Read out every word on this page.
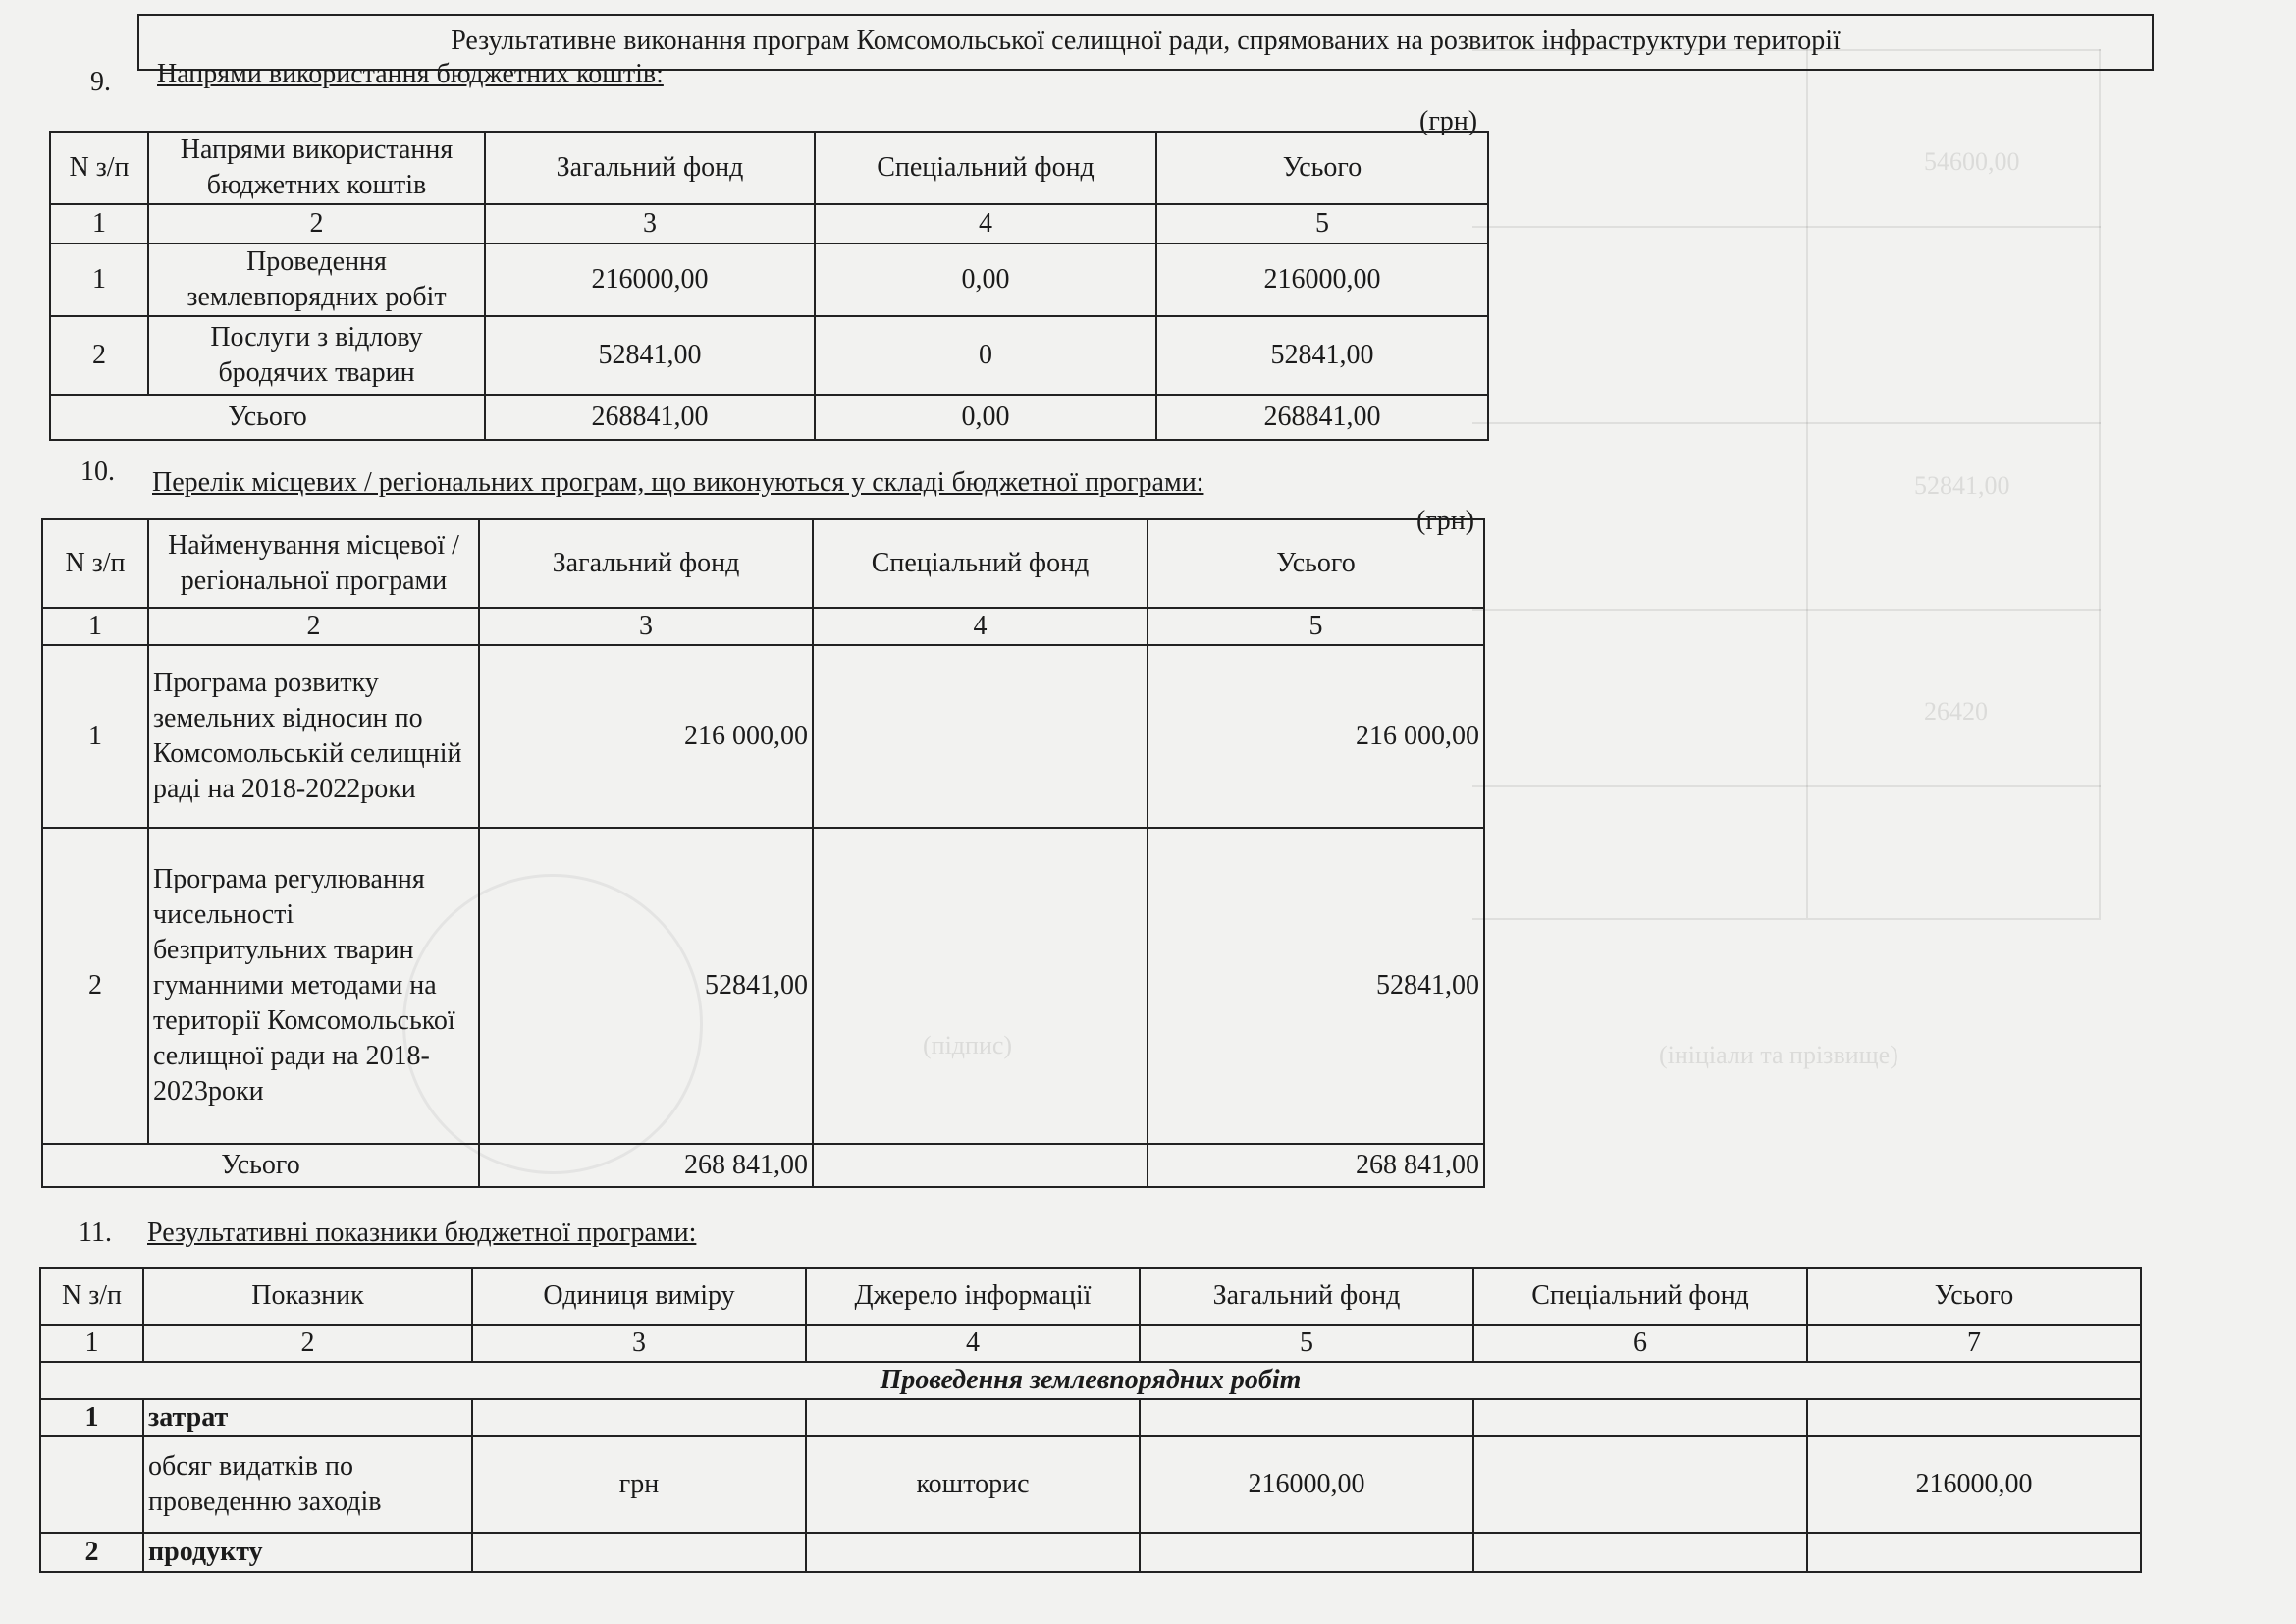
54600,00
52841,00
26420
(підпис)	(ініціали та прізвище)
Результативне виконання програм Комсомольської селищної ради, спрямованих на розвиток інфраструктури території
9. Напрями використання бюджетних коштів:
(грн)
N з/п	Напрями використання бюджетних коштів	Загальний фонд	Спеціальний фонд	Усього
1	2	3	4	5
1	Проведення землевпорядних робіт	216000,00	0,00	216000,00
2	Послуги з відлову бродячих тварин	52841,00	0	52841,00
Усього		268841,00	0,00	268841,00
10. Перелік місцевих / регіональних програм, що виконуються у складі бюджетної програми:
(грн)
N з/п	Найменування місцевої / регіональної програми	Загальний фонд	Спеціальний фонд	Усього
1	2	3	4	5
1	Програма розвитку земельних відносин по Комсомольській селищній раді на 2018-2022роки	216 000,00		216 000,00
2	Програма регулювання чисельності безпритульних тварин гуманними методами на території Комсомольської селищної ради на 2018-2023роки	52841,00		52841,00
Усього		268 841,00		268 841,00
11. Результативні показники бюджетної програми:
N з/п	Показник	Одиниця виміру	Джерело інформації	Загальний фонд	Спеціальний фонд	Усього
1	2	3	4	5	6	7
Проведення землевпорядних робіт						
1	затрат					
	обсяг видатків по проведенню заходів	грн	кошторис	216000,00		216000,00
2	продукту					
